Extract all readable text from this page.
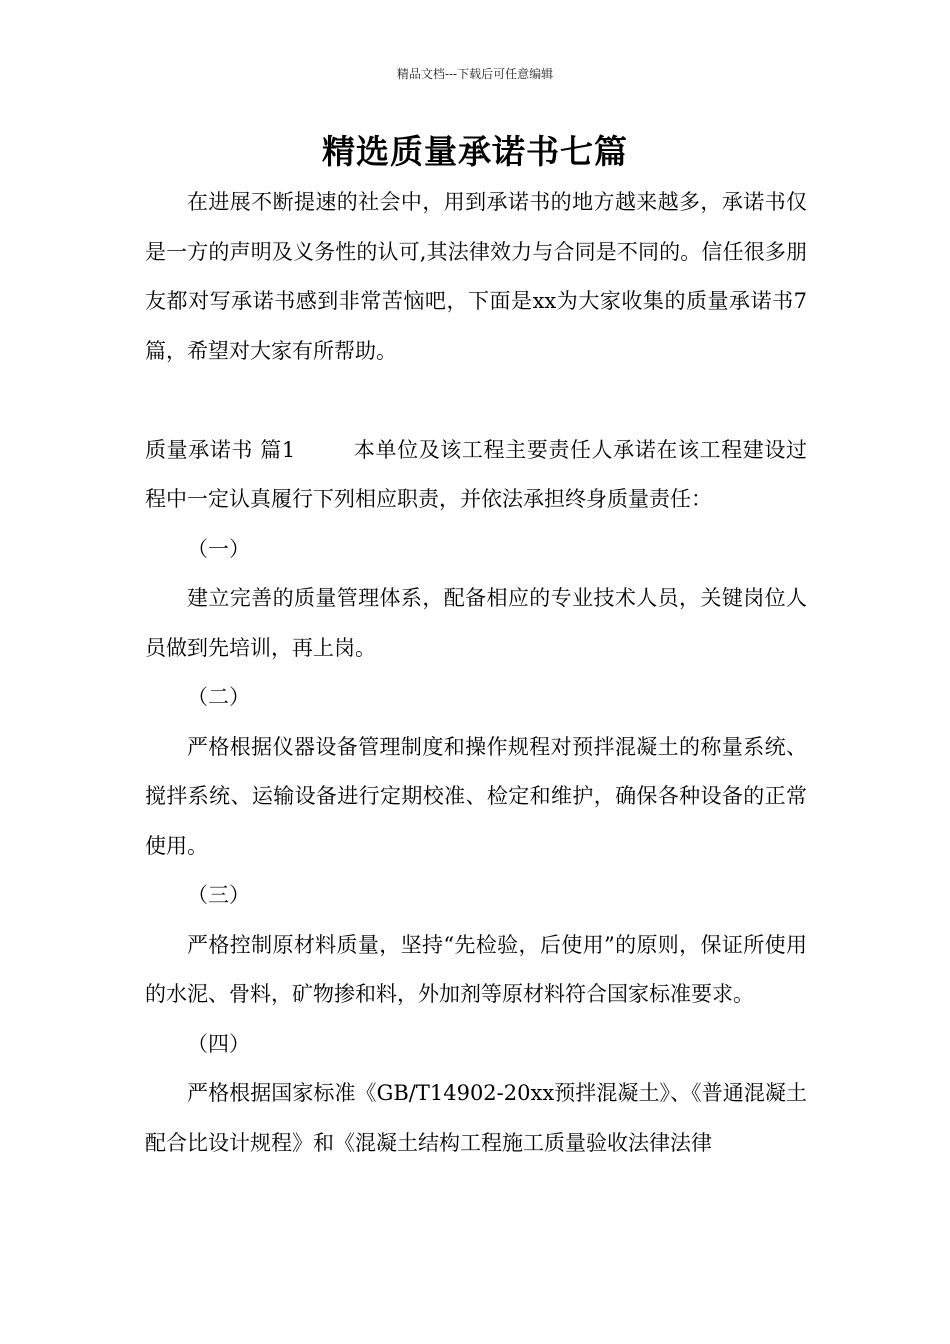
精品文档---下载后可任意编辑
精选质量承诺书七篇

在进展不断提速的社会中，用到承诺书的地方越来越多，承诺书仅是一方的声明及义务性的认可,其法律效力与合同是不同的。信任很多朋友都对写承诺书感到非常苦恼吧，下面是xx为大家收集的质量承诺书7篇，希望对大家有所帮助。

质量承诺书 篇1	本单位及该工程主要责任人承诺在该工程建设过程中一定认真履行下列相应职责，并依法承担终身质量责任：

（一）

建立完善的质量管理体系，配备相应的专业技术人员，关键岗位人员做到先培训，再上岗。

（二）

严格根据仪器设备管理制度和操作规程对预拌混凝土的称量系统、搅拌系统、运输设备进行定期校准、检定和维护，确保各种设备的正常使用。

（三）

严格控制原材料质量，坚持“先检验，后使用”的原则，保证所使用的水泥、骨料，矿物掺和料，外加剂等原材料符合国家标准要求。

（四）

严格根据国家标准《GB/T14902-20xx预拌混凝土》、《普通混凝土配合比设计规程》和《混凝土结构工程施工质量验收法律法律
